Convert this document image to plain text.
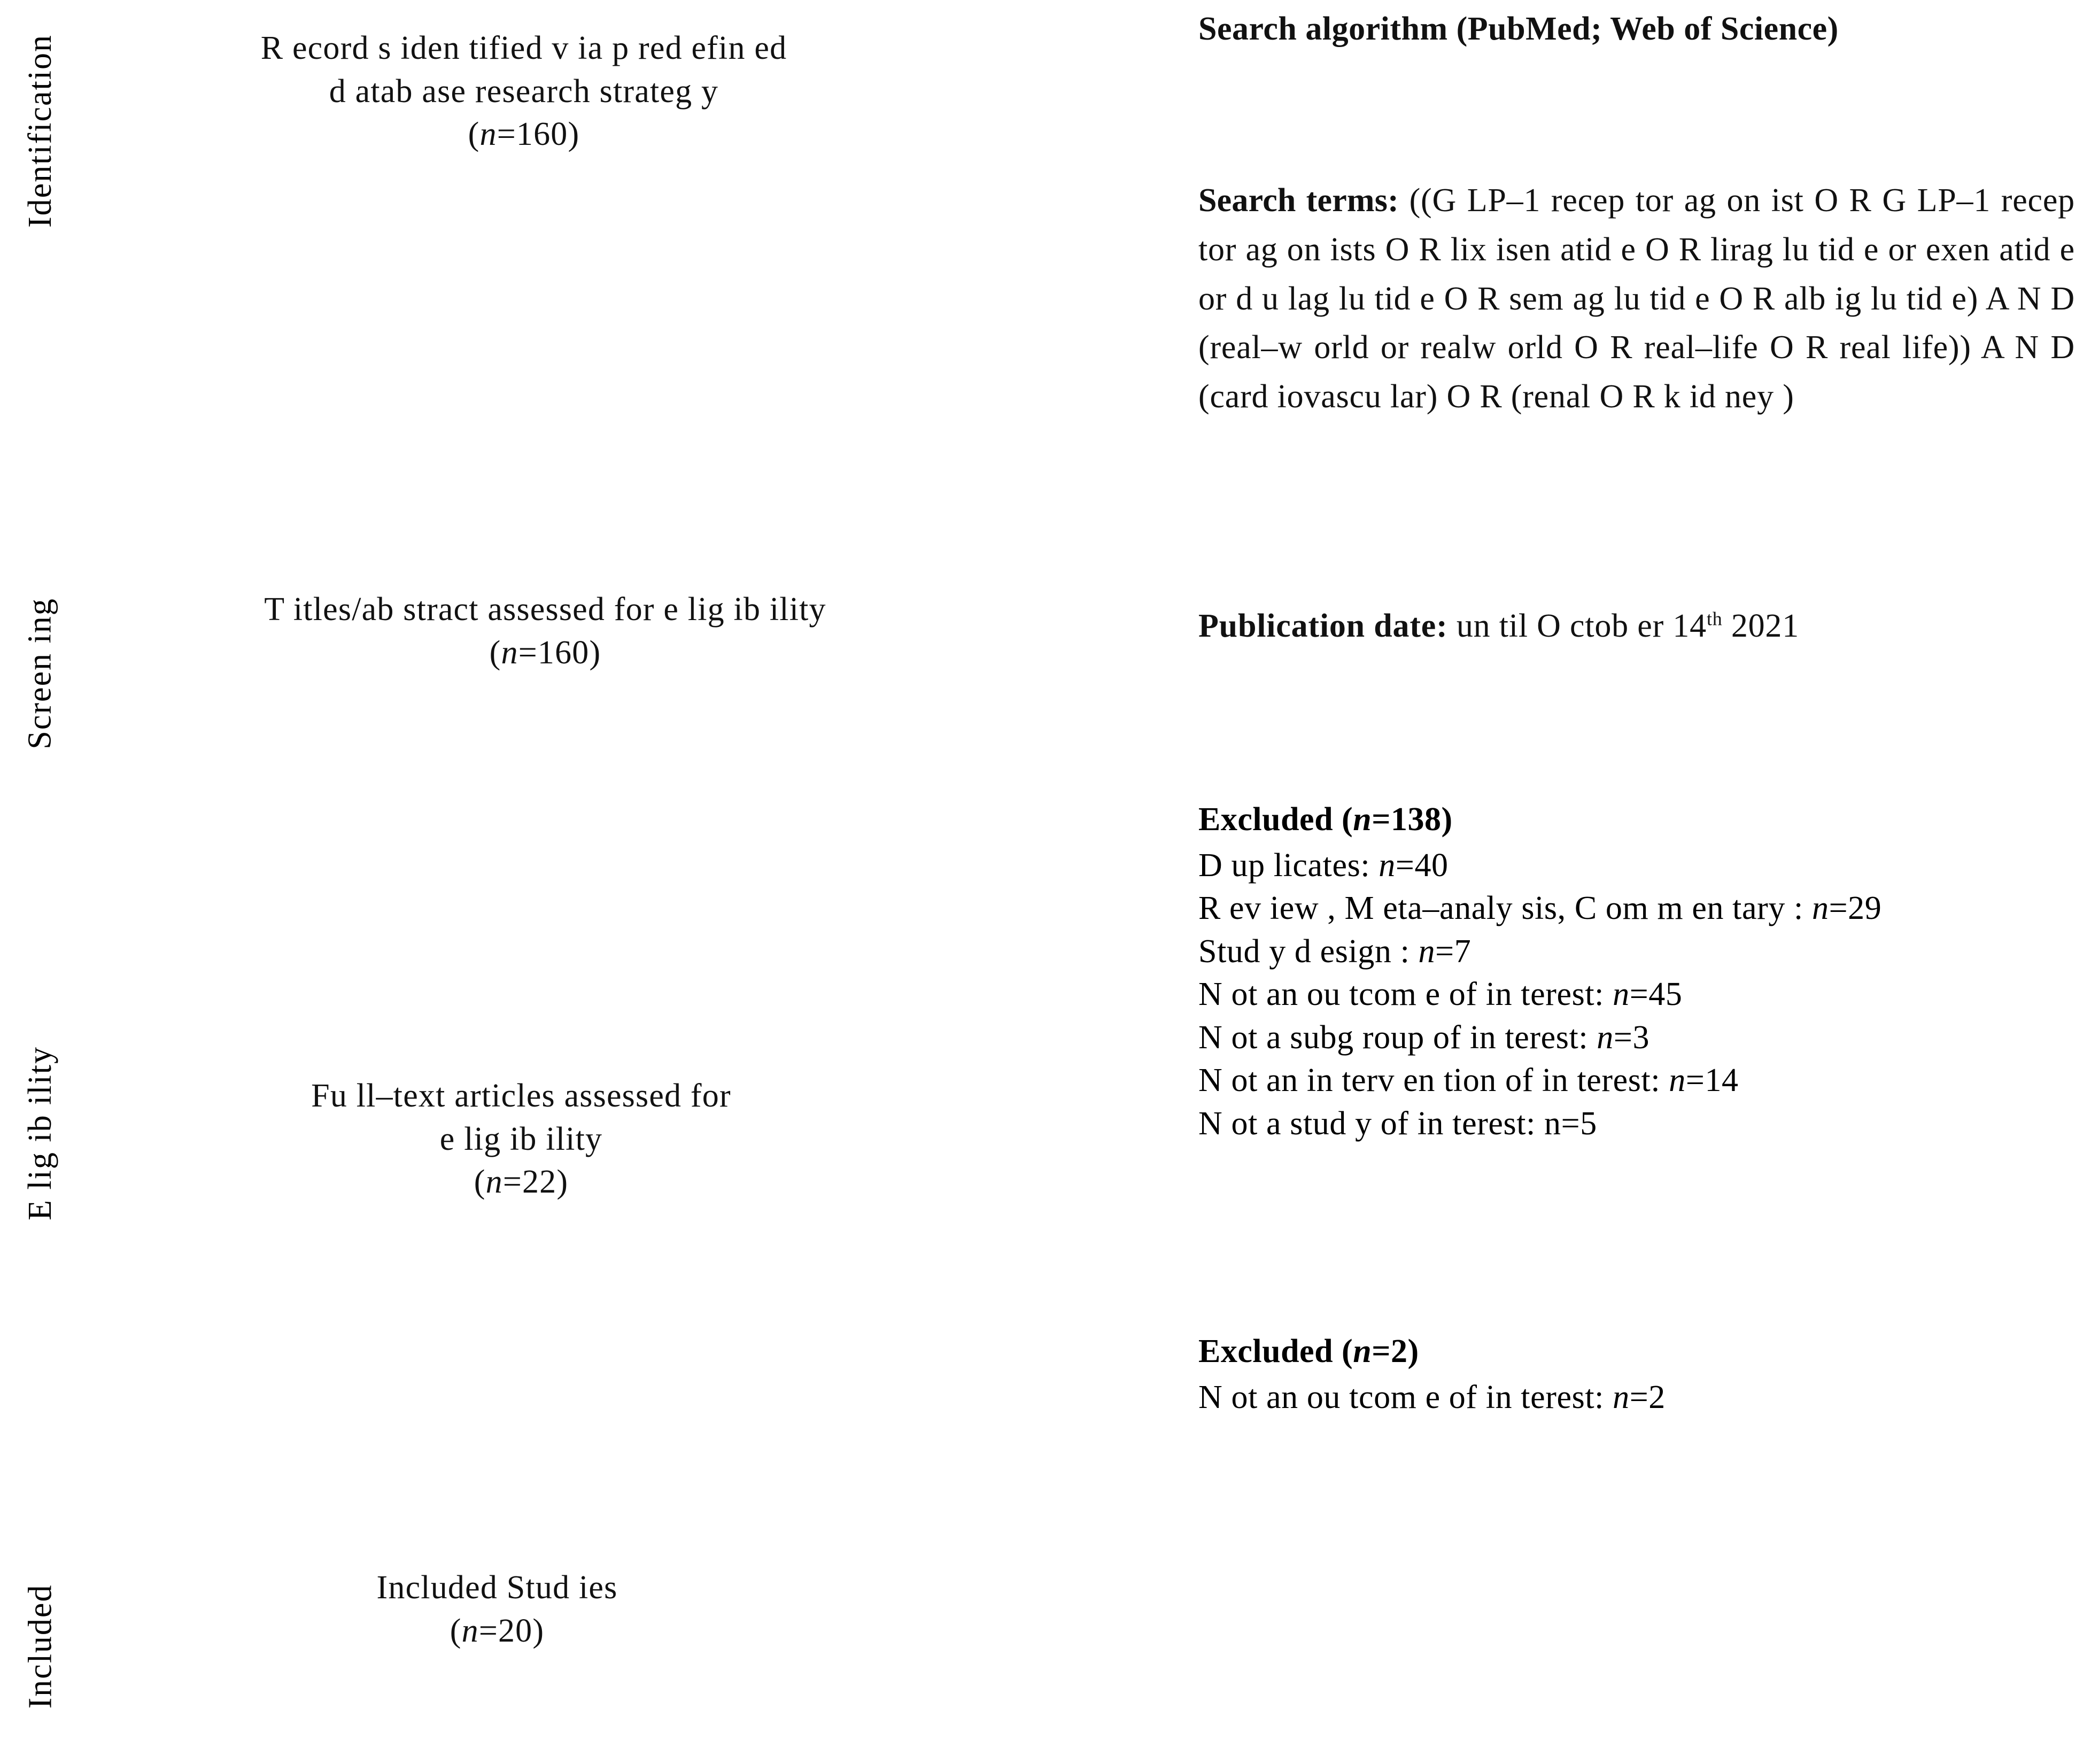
Identification
Screen ing
E lig ib ility
Included
R ecord s iden tified v ia p red efin ed
d atab ase research strateg y
(n=160)
T itles/ab stract assessed for e lig ib ility
(n=160)
Fu ll–text articles assessed for
e lig ib ility
(n=22)
Included Stud ies
(n=20)
Search algorithm (PubMed; Web of Science)
Search terms: ((G LP–1 recep tor ag on ist O R G LP–1 recep tor ag on ists O R lix isen atid e O R lirag lu tid e or exen atid e or d u lag lu tid e O R sem ag lu tid e O R alb ig lu tid e) A N D (real–w orld or realw orld O R real–life O R real life)) A N D (card iovascu lar) O R (renal O R k id ney )
Publication date: un til O ctob er 14th 2021

Excluded (n=138)

D up licates: n=40

R ev iew , M eta–analy sis, C om m en tary : n=29

Stud y d esign : n=7

N ot an ou tcom e of in terest: n=45

N ot a subg roup of in terest: n=3

N ot an in terv en tion of in terest: n=14

N ot a stud y of in terest: n=5

Excluded (n=2)

N ot an ou tcom e of in terest: n=2
